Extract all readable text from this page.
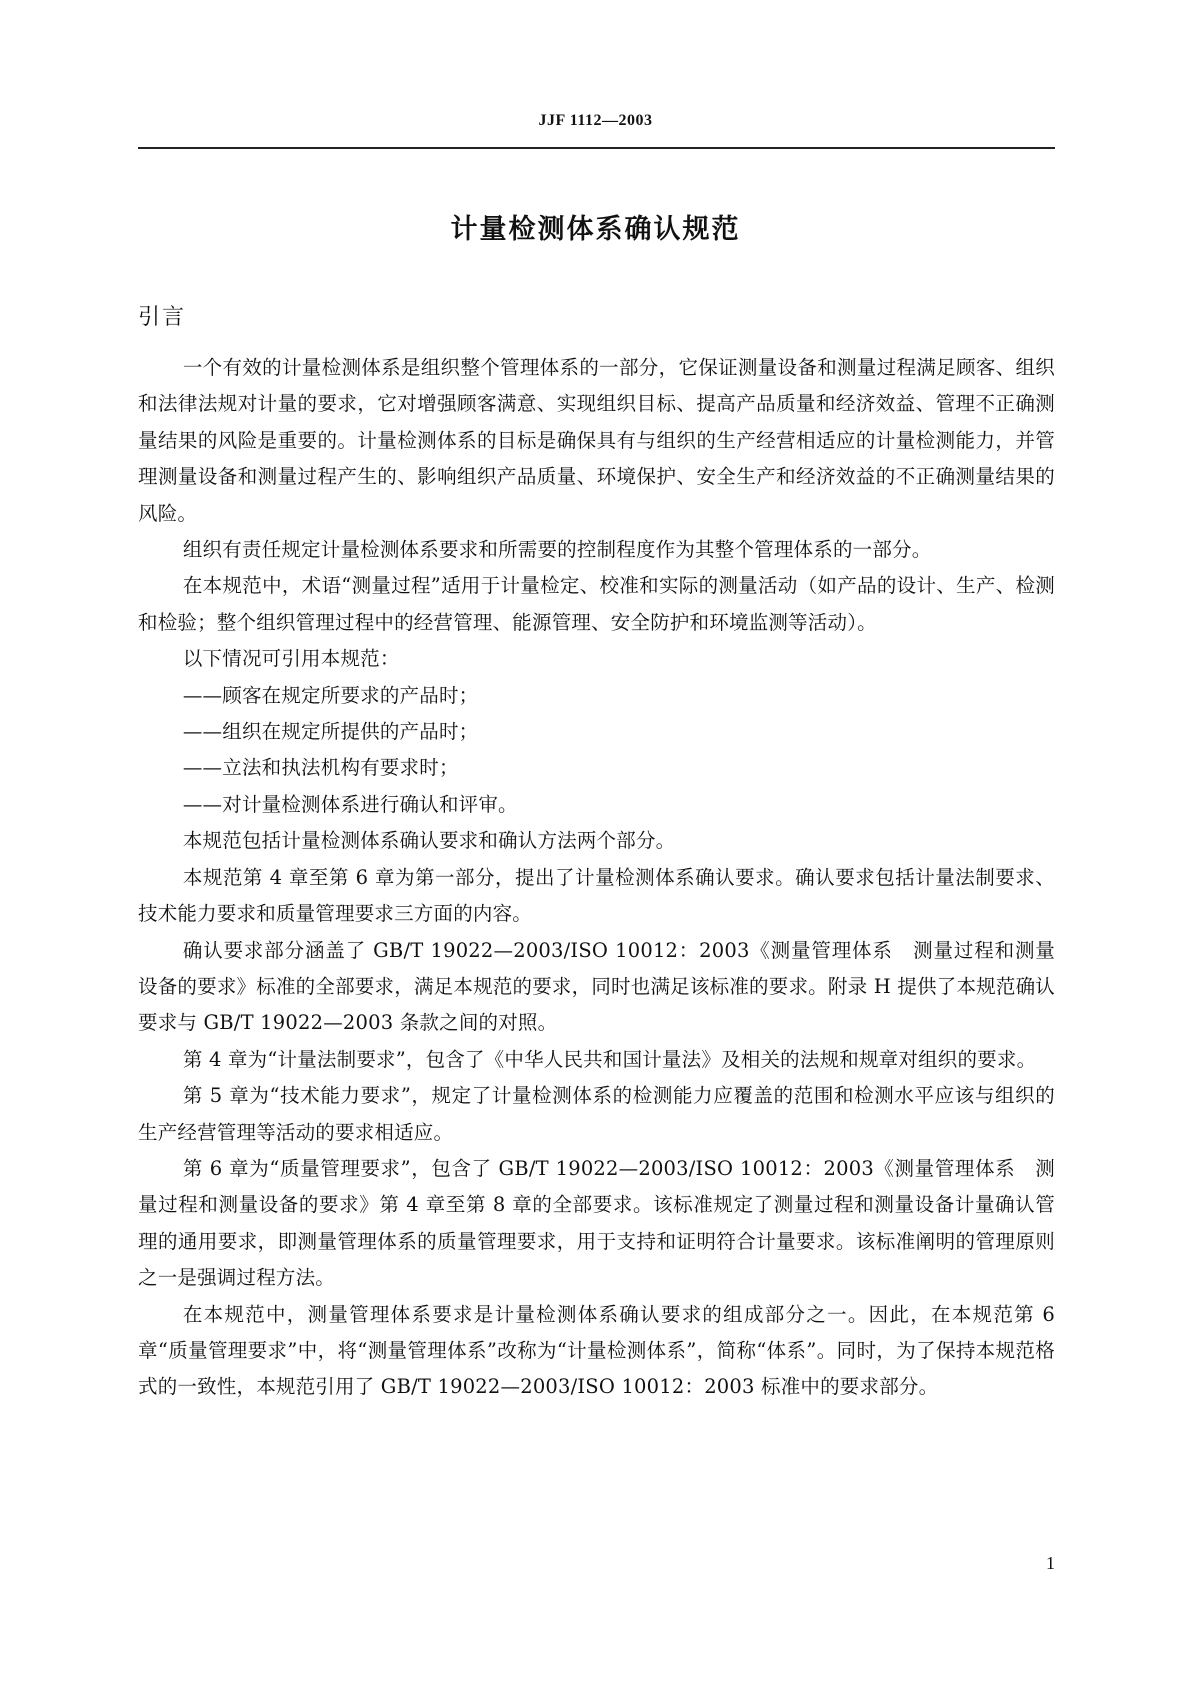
JJF 1112—2003
计量检测体系确认规范
引言

一个有效的计量检测体系是组织整个管理体系的一部分，它保证测量设备和测量过程满足顾客、组织和法律法规对计量的要求，它对增强顾客满意、实现组织目标、提高产品质量和经济效益、管理不正确测量结果的风险是重要的。计量检测体系的目标是确保具有与组织的生产经营相适应的计量检测能力，并管理测量设备和测量过程产生的、影响组织产品质量、环境保护、安全生产和经济效益的不正确测量结果的风险。

组织有责任规定计量检测体系要求和所需要的控制程度作为其整个管理体系的一部分。

在本规范中，术语“测量过程”适用于计量检定、校准和实际的测量活动（如产品的设计、生产、检测和检验；整个组织管理过程中的经营管理、能源管理、安全防护和环境监测等活动）。

以下情况可引用本规范：

——顾客在规定所要求的产品时；

——组织在规定所提供的产品时；

——立法和执法机构有要求时；

——对计量检测体系进行确认和评审。

本规范包括计量检测体系确认要求和确认方法两个部分。

本规范第 4 章至第 6 章为第一部分，提出了计量检测体系确认要求。确认要求包括计量法制要求、技术能力要求和质量管理要求三方面的内容。

确认要求部分涵盖了 GB/T 19022—2003/ISO 10012：2003《测量管理体系　测量过程和测量设备的要求》标准的全部要求，满足本规范的要求，同时也满足该标准的要求。附录 H 提供了本规范确认要求与 GB/T 19022—2003 条款之间的对照。

第 4 章为“计量法制要求”，包含了《中华人民共和国计量法》及相关的法规和规章对组织的要求。

第 5 章为“技术能力要求”，规定了计量检测体系的检测能力应覆盖的范围和检测水平应该与组织的生产经营管理等活动的要求相适应。

第 6 章为“质量管理要求”，包含了 GB/T 19022—2003/ISO 10012：2003《测量管理体系　测量过程和测量设备的要求》第 4 章至第 8 章的全部要求。该标准规定了测量过程和测量设备计量确认管理的通用要求，即测量管理体系的质量管理要求，用于支持和证明符合计量要求。该标准阐明的管理原则之一是强调过程方法。

在本规范中，测量管理体系要求是计量检测体系确认要求的组成部分之一。因此，在本规范第 6 章“质量管理要求”中，将“测量管理体系”改称为“计量检测体系”，简称“体系”。同时，为了保持本规范格式的一致性，本规范引用了 GB/T 19022—2003/ISO 10012：2003 标准中的要求部分。

1
